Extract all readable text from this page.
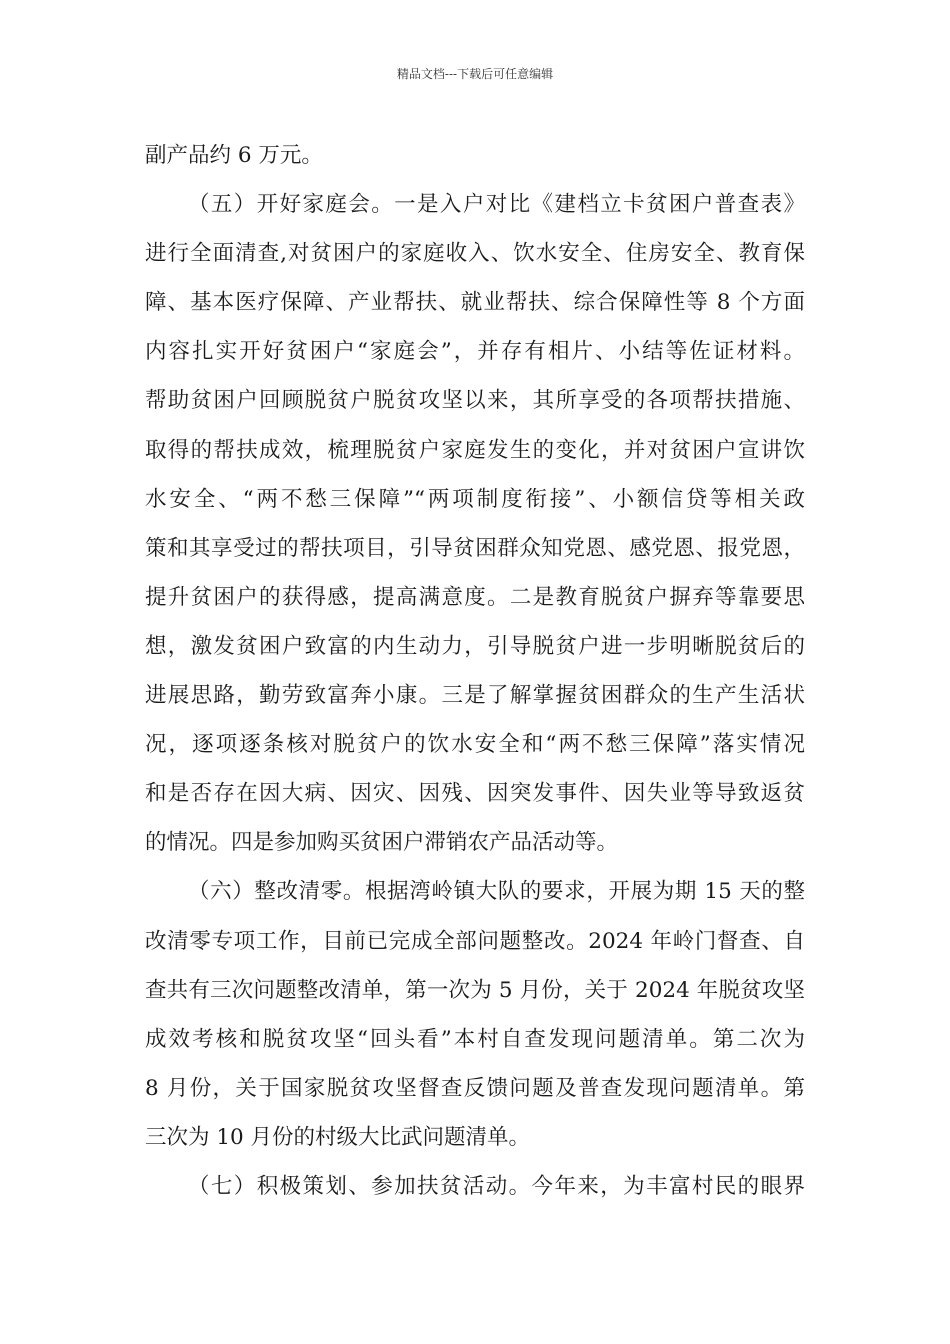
精品文档---下载后可任意编辑
副产品约 6 万元。
（五）开好家庭会。一是入户对比《建档立卡贫困户普查表》
进行全面清查,对贫困户的家庭收入、饮水安全、住房安全、教育保
障、基本医疗保障、产业帮扶、就业帮扶、综合保障性等 8 个方面
内容扎实开好贫困户“家庭会”，并存有相片、小结等佐证材料。
帮助贫困户回顾脱贫户脱贫攻坚以来，其所享受的各项帮扶措施、
取得的帮扶成效，梳理脱贫户家庭发生的变化，并对贫困户宣讲饮
水安全、“两不愁三保障”“两项制度衔接”、小额信贷等相关政
策和其享受过的帮扶项目，引导贫困群众知党恩、感党恩、报党恩，
提升贫困户的获得感，提高满意度。二是教育脱贫户摒弃等靠要思
想，激发贫困户致富的内生动力，引导脱贫户进一步明晰脱贫后的
进展思路，勤劳致富奔小康。三是了解掌握贫困群众的生产生活状
况，逐项逐条核对脱贫户的饮水安全和“两不愁三保障”落实情况
和是否存在因大病、因灾、因残、因突发事件、因失业等导致返贫
的情况。四是参加购买贫困户滞销农产品活动等。
（六）整改清零。根据湾岭镇大队的要求，开展为期 15 天的整
改清零专项工作，目前已完成全部问题整改。2024 年岭门督查、自
查共有三次问题整改清单，第一次为 5 月份，关于 2024 年脱贫攻坚
成效考核和脱贫攻坚“回头看”本村自查发现问题清单。第二次为
8 月份，关于国家脱贫攻坚督查反馈问题及普查发现问题清单。第
三次为 10 月份的村级大比武问题清单。
（七）积极策划、参加扶贫活动。今年来，为丰富村民的眼界
